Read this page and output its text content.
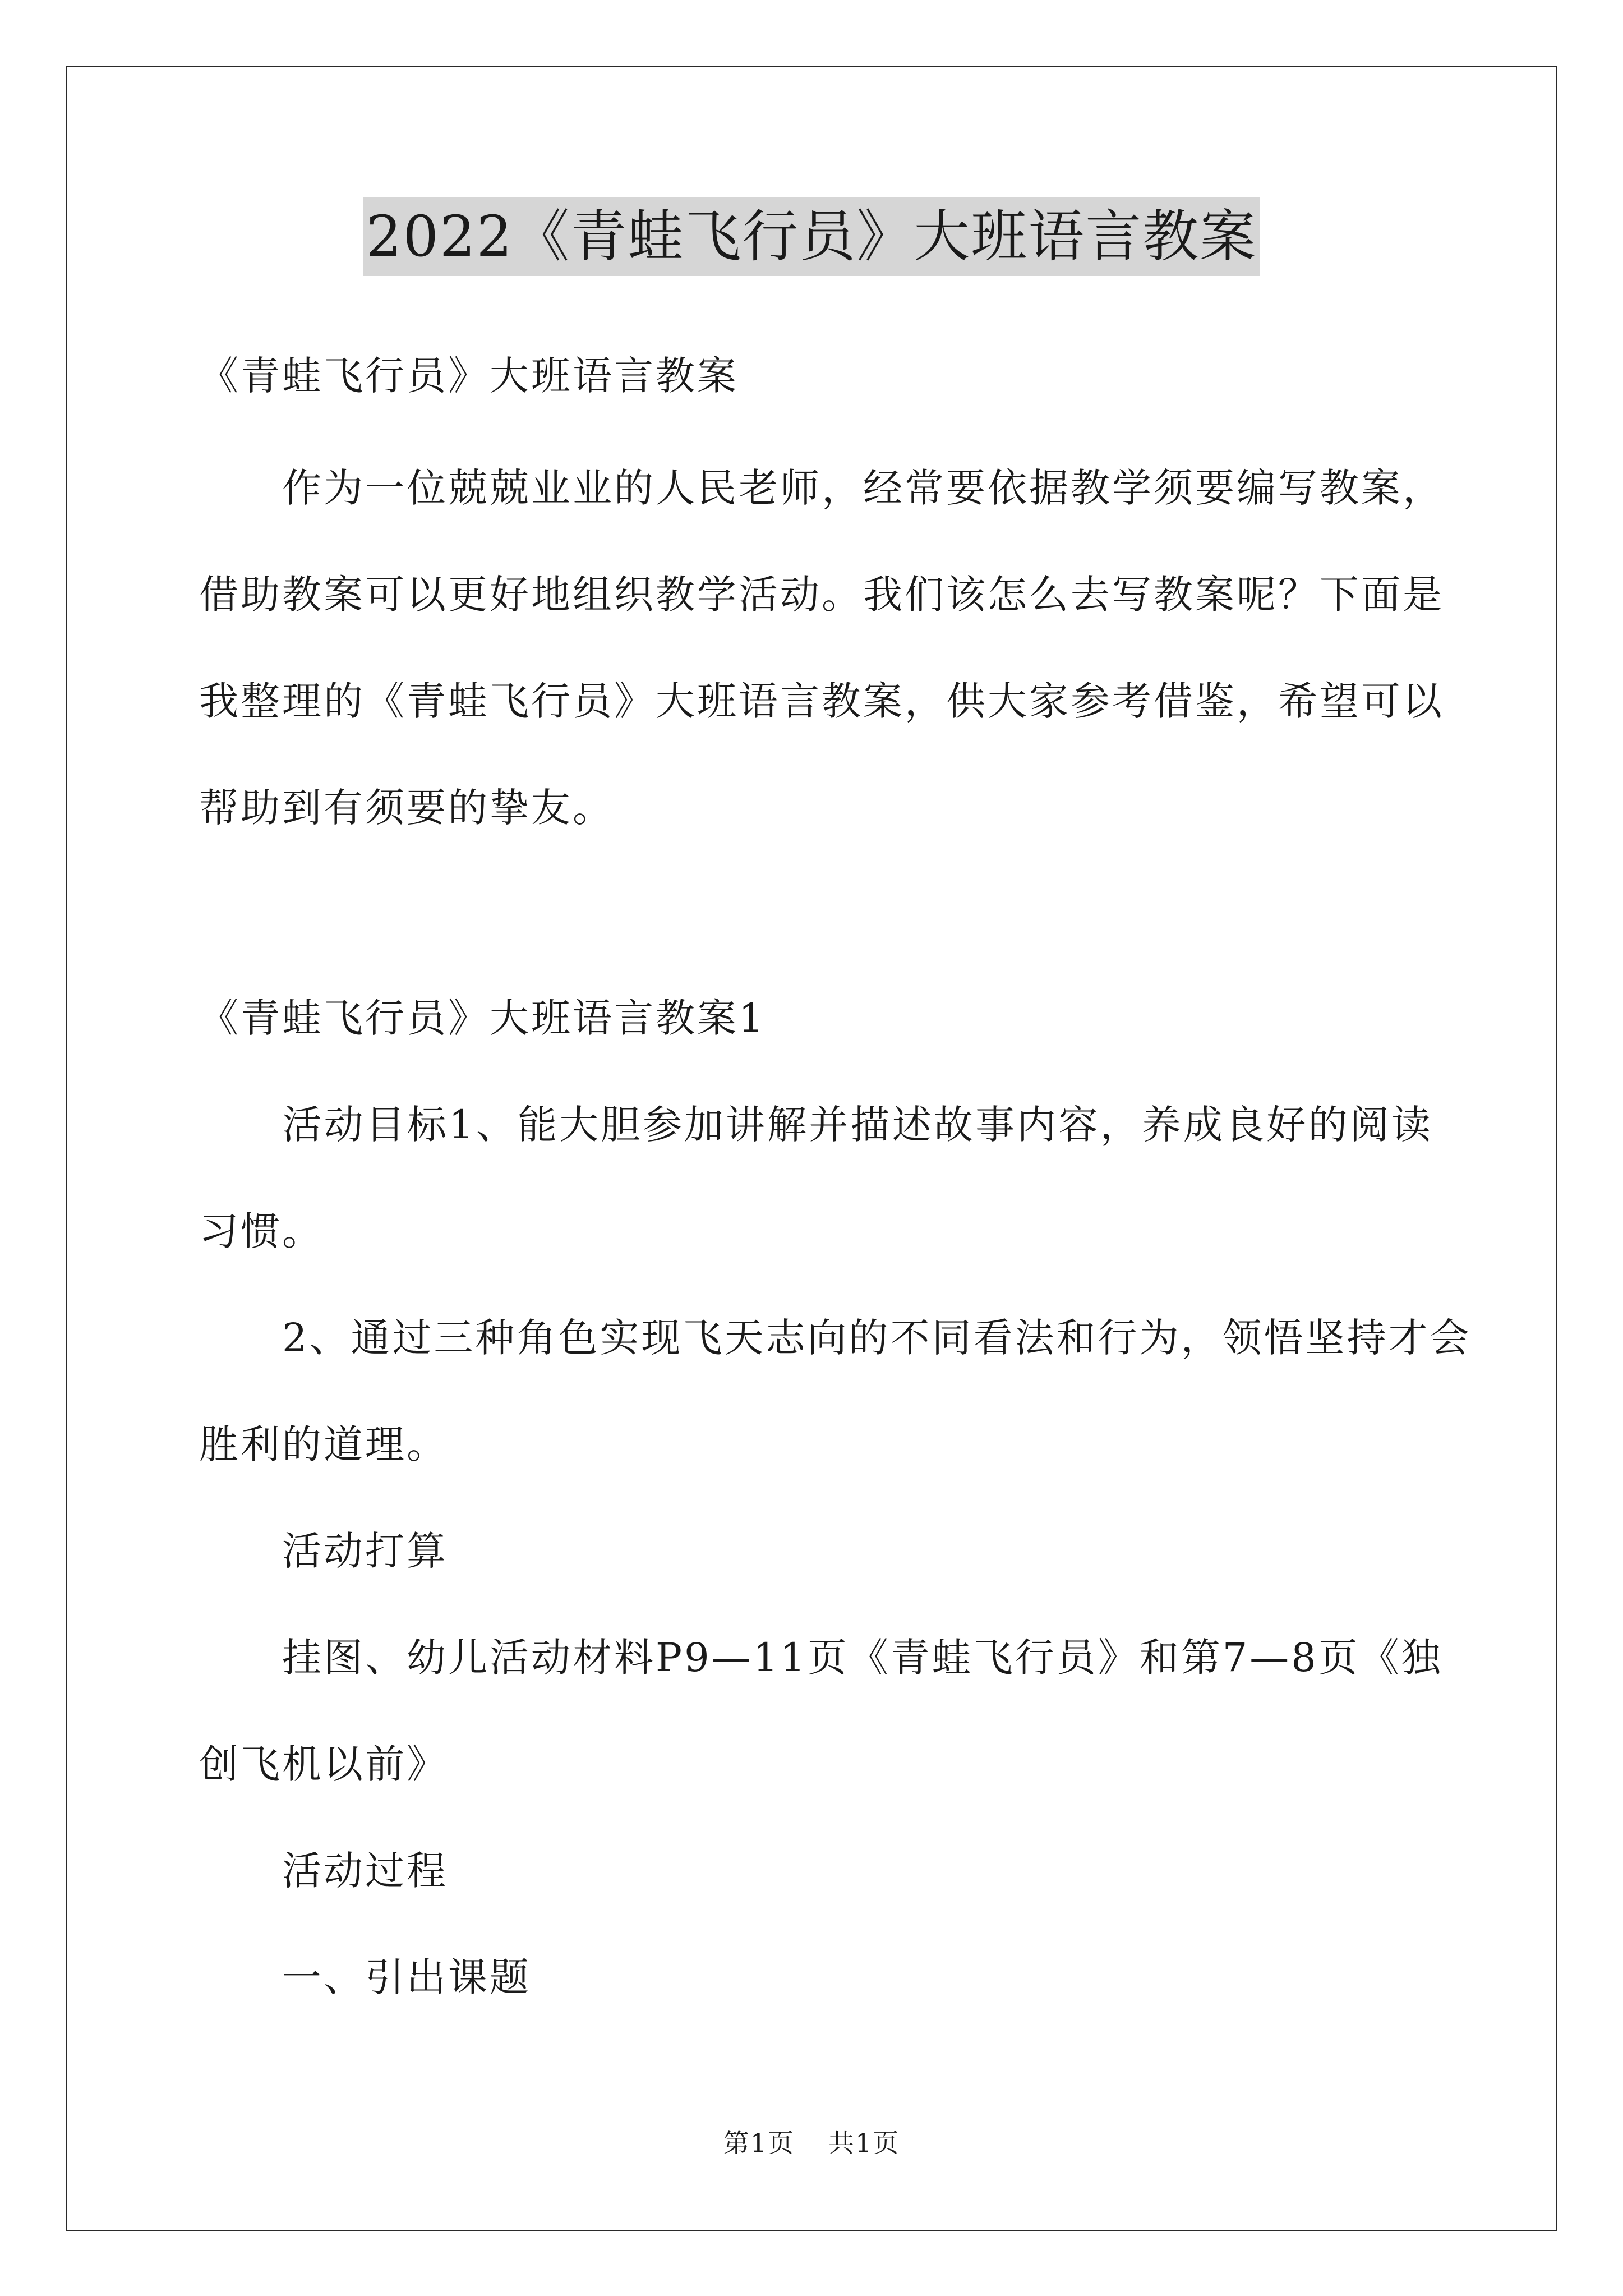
2022《青蛙飞行员》大班语言教案
《青蛙飞行员》大班语言教案
　　作为一位兢兢业业的人民老师，经常要依据教学须要编写教案，
借助教案可以更好地组织教学活动。我们该怎么去写教案呢？下面是
我整理的《青蛙飞行员》大班语言教案，供大家参考借鉴，希望可以
帮助到有须要的挚友。
《青蛙飞行员》大班语言教案1
　　活动目标1、能大胆参加讲解并描述故事内容，养成良好的阅读
习惯。
　　2、通过三种角色实现飞天志向的不同看法和行为，领悟坚持才会
胜利的道理。
　　活动打算
　　挂图、幼儿活动材料P9—11页《青蛙飞行员》和第7—8页《独
创飞机以前》
　　活动过程
　　一、引出课题
第1页 共1页
